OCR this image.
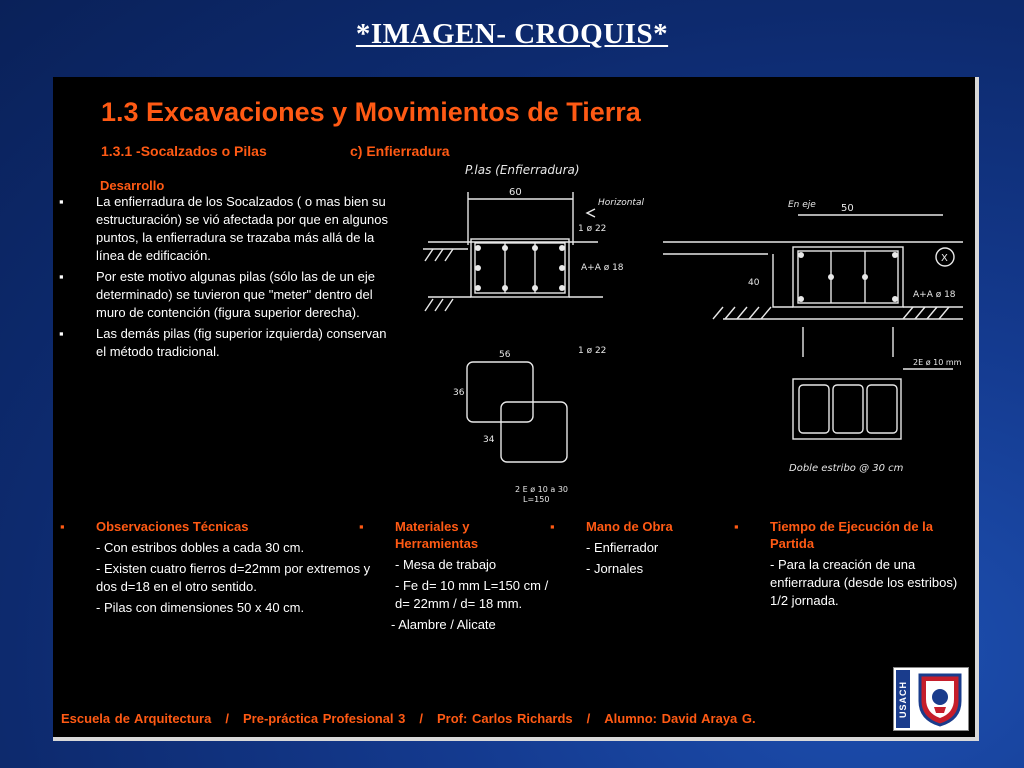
*IMAGEN- CROQUIS*
1.3 Excavaciones y Movimientos de Tierra
1.3.1 -Socalzados o Pilas	c) Enfierradura
Desarrollo
▪ La enfierradura de los Socalzados ( o mas bien su estructuración) se vió afectada por que en algunos puntos, la enfierradura se trazaba más allá de la línea de edificación.
▪ Por este motivo algunas pilas (sólo las de un eje determinado) se tuvieron que "meter" dentro del muro de contención (figura superior derecha).
▪ Las demás pilas (fig superior izquierda) conservan el método tradicional.
P.las (Enfierradura)
60
1 ø 22
1 ø 22
A+A ø 18
Horizontal	En eje	50
40
A+A ø 18
X
36
56
34
2 E ø 10 a 30
L=150
2E ø 10 mm
Doble estribo @ 30 cm
▪ Observaciones Técnicas
- Con estribos dobles a cada 30 cm.
- Existen cuatro fierros d=22mm por extremos y dos d=18 en el otro sentido.
- Pilas con dimensiones 50 x 40 cm.
▪ Materiales y Herramientas
- Mesa de trabajo
- Fe d= 10 mm L=150 cm / d= 22mm / d= 18 mm.
- Alambre / Alicate
▪ Mano de Obra
- Enfierrador
- Jornales
▪ Tiempo de Ejecución de la Partida
- Para la creación de una enfierradura (desde los estribos) 1/2 jornada.
Escuela de Arquitectura / Pre-práctica Profesional 3 / Prof: Carlos Richards / Alumno: David Araya G.
USACH
